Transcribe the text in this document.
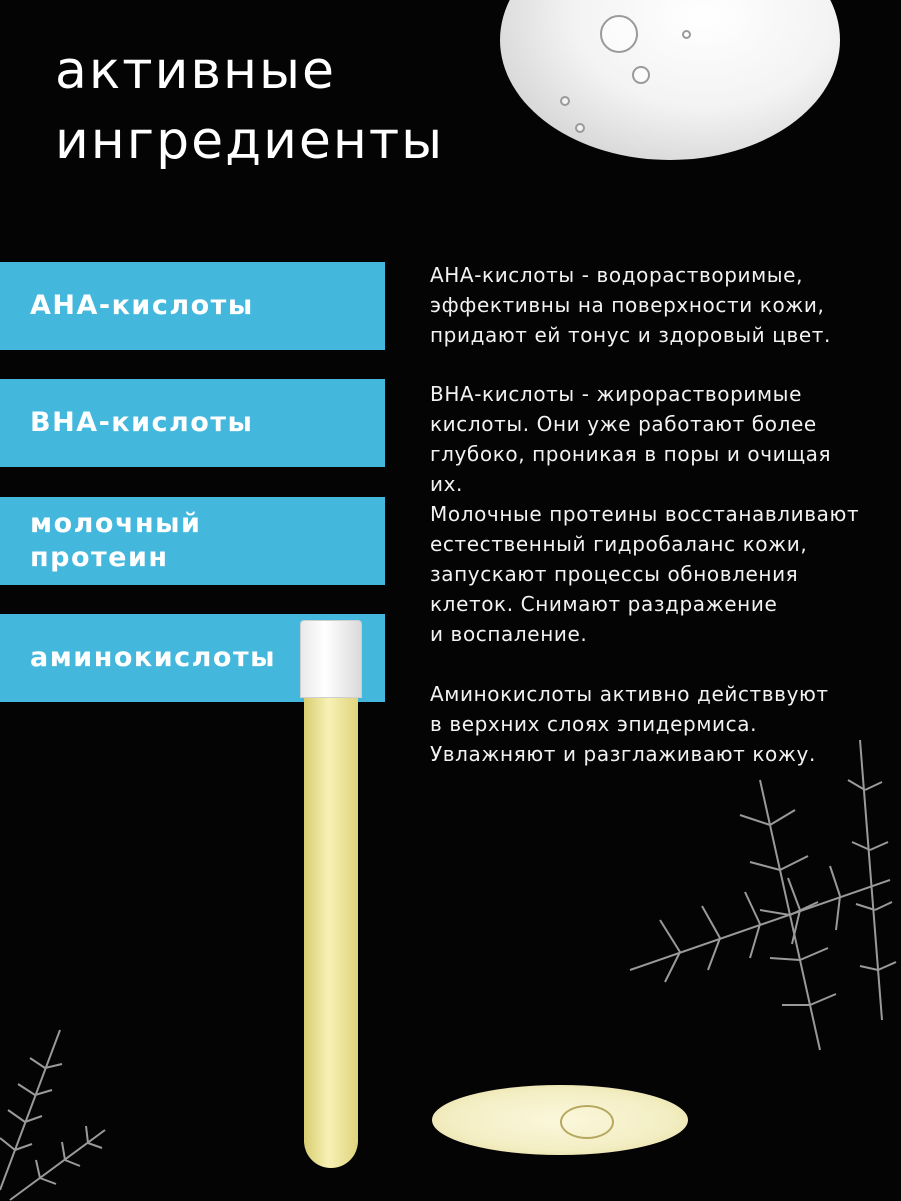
активные
ингредиенты
АНА-кислоты
ВНА-кислоты
молочный
протеин
аминокислоты

АНА-кислоты - водорастворимые,
эффективны на поверхности кожи,
придают ей тонус и здоровый цвет.

ВНА-кислоты - жирорастворимые
кислоты. Они уже работают более
глубоко, проникая в поры и очищая их.

Молочные протеины восстанавливают
естественный гидробаланс кожи,
запускают процессы обновления
клеток. Снимают раздражение
и воспаление.

Аминокислоты активно действвуют
в верхних слоях эпидермиса.
Увлажняют и разглаживают кожу.
